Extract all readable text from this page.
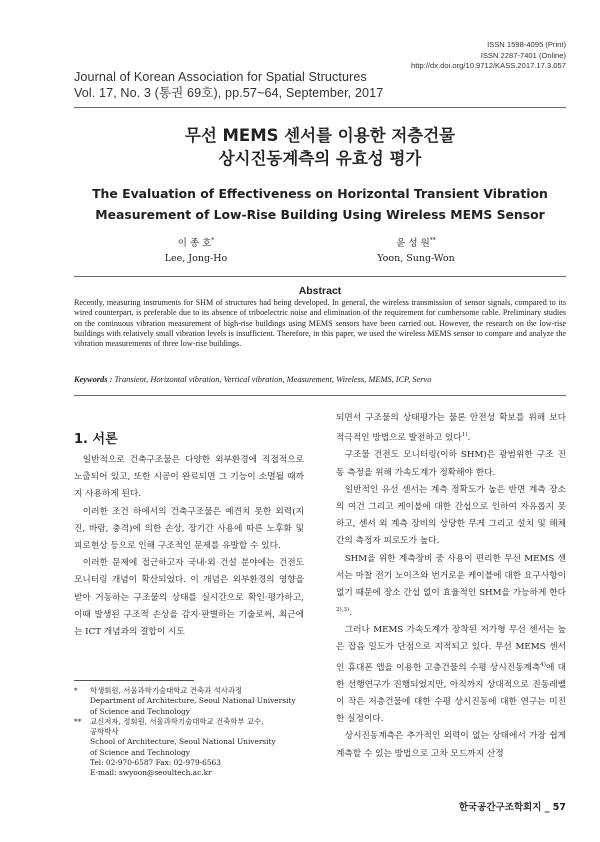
ISSN 1598-4095 (Print)
ISSN 2287-7401 (Online)
http://dx.doi.org/10.9712/KASS.2017.17.3.057
Journal of Korean Association for Spatial Structures
Vol. 17, No. 3 (통권 69호), pp.57~64, September, 2017
무선 MEMS 센서를 이용한 저층건물
상시진동계측의 유효성 평가
The Evaluation of Effectiveness on Horizontal Transient Vibration
Measurement of Low-Rise Building Using Wireless MEMS Sensor
이 종 호*
Lee, Jong-Ho
윤 성 원**
Yoon, Sung-Won
Abstract
Recently, measuring instruments for SHM of structures had being developed. In general, the wireless transmission of sensor signals, compared to its wired counterpart, is preferable due to its absence of triboelectric noise and elimination of the requirement for cumbersome cable. Preliminary studies on the continuous vibration measurement of high-rise buildings using MEMS sensors have been carried out. However, the research on the low-rise buildings with relatively small vibration levels is insufficient. Therefore, in this paper, we used the wireless MEMS sensor to compare and analyze the vibration measurements of three low-rise buildings.
Keywords : Transient, Horizontal vibration, Vertical vibration, Measurement, Wireless, MEMS, ICP, Servo
1. 서론

일반적으로 건축구조물은 다양한 외부환경에 직접적으로 노출되어 있고, 또한 시공이 완료되면 그 기능이 소멸될 때까지 사용하게 된다.

이러한 조건 하에서의 건축구조물은 예견치 못한 외력(지진, 바람, 충격)에 의한 손상, 장기간 사용에 따른 노후화 및 피로현상 등으로 인해 구조적인 문제를 유발할 수 있다.

이러한 문제에 접근하고자 국내·외 건설 분야에는 건전도 모니터링 개념이 확산되었다. 이 개념은 외부환경의 영향을 받아 거동하는 구조물의 상태를 실시간으로 확인·평가하고, 이때 발생된 구조적 손상을 감지·판별하는 기술로써, 최근에는 ICT 개념과의 결합이 시도

되면서 구조물의 상태평가는 물론 안전성 확보를 위해 보다 적극적인 방법으로 발전하고 있다$^{1)}$.

구조물 건전도 모니터링(이하 SHM)은 광범위한 구조 진동 측정을 위해 가속도계가 정확해야 한다.

일반적인 유선 센서는 계측 정확도가 높은 반면 계측 장소의 여건 그리고 케이블에 대한 간섭으로 인하여 자유롭지 못하고, 센서 외 계측 장비의 상당한 무게 그리고 설치 및 해체 간의 측정자 피로도가 높다.

SHM을 위한 계측장비 중 사용이 편리한 무선 MEMS 센서는 마찰 전기 노이즈와 번거로운 케이블에 대한 요구사항이 없기 때문에 장소 간섭 없이 효율적인 SHM을 가능하게 한다$^{2),3)}$.

그러나 MEMS 가속도계가 장착된 저가형 무선 센서는 높은 잡음 밀도가 단점으로 지적되고 있다. 무선 MEMS 센서인 휴대폰 앱을 이용한 고층건물의 수평 상시진동계측$^{4)}$에 대한 선행연구가 진행되었지만, 아직까지 상대적으로 진동레벨이 작은 저층건물에 대한 수평 상시진동에 대한 연구는 미진한 실정이다.

상시진동계측은 추가적인 외력이 없는 상태에서 가장 쉽게 계측할 수 있는 방법으로 고차 모드까지 산정

*	학생회원, 서울과학기술대학교 건축과 석사과정
Department of Architecture, Seoul National University
of Science and Technology
**	교신저자, 정회원, 서울과학기술대학교 건축학부 교수,
공학박사
School of Architecture, Seoul National University
of Science and Technology
Tel: 02-970-6587 Fax: 02-979-6563
E-mail: swyoon@seoultech.ac.kr
한국공간구조학회지 _ 57
